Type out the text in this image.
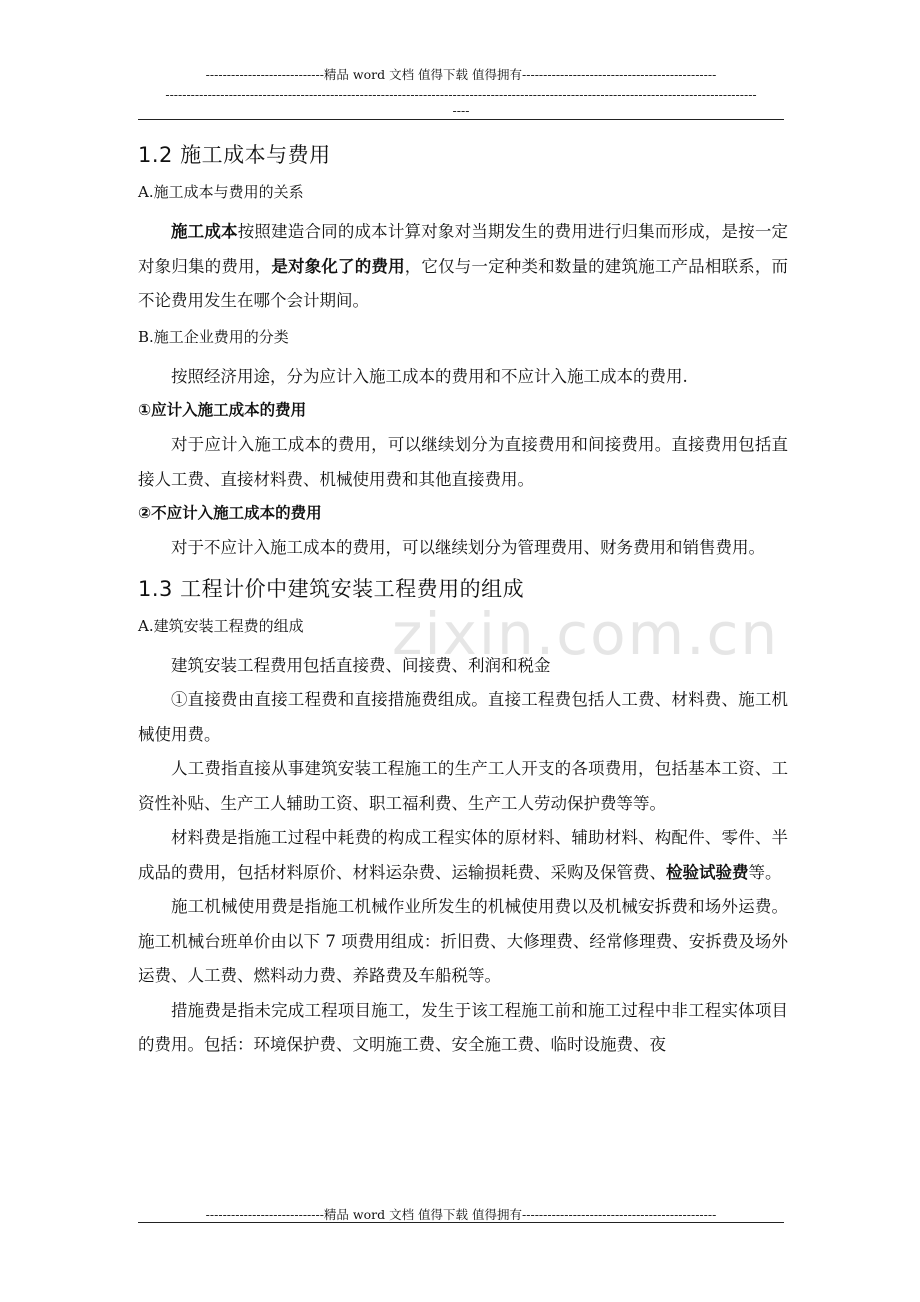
----------------------------精品 word 文档 值得下载 值得拥有----------------------------------------------
--------------------------------------------------------------------------------------------------------------------------------------------
----
zixin.com.cn
1.2 施工成本与费用
A.施工成本与费用的关系

施工成本按照建造合同的成本计算对象对当期发生的费用进行归集而形成，是按一定对象归集的费用，是对象化了的费用，它仅与一定种类和数量的建筑施工产品相联系，而不论费用发生在哪个会计期间。

B.施工企业费用的分类

按照经济用途，分为应计入施工成本的费用和不应计入施工成本的费用.

①应计入施工成本的费用

对于应计入施工成本的费用，可以继续划分为直接费用和间接费用。直接费用包括直接人工费、直接材料费、机械使用费和其他直接费用。

②不应计入施工成本的费用

对于不应计入施工成本的费用，可以继续划分为管理费用、财务费用和销售费用。

1.3 工程计价中建筑安装工程费用的组成
A.建筑安装工程费的组成

建筑安装工程费用包括直接费、间接费、利润和税金

①直接费由直接工程费和直接措施费组成。直接工程费包括人工费、材料费、施工机械使用费。

人工费指直接从事建筑安装工程施工的生产工人开支的各项费用，包括基本工资、工资性补贴、生产工人辅助工资、职工福利费、生产工人劳动保护费等等。

材料费是指施工过程中耗费的构成工程实体的原材料、辅助材料、构配件、零件、半成品的费用，包括材料原价、材料运杂费、运输损耗费、采购及保管费、检验试验费等。

施工机械使用费是指施工机械作业所发生的机械使用费以及机械安拆费和场外运费。施工机械台班单价由以下 7 项费用组成：折旧费、大修理费、经常修理费、安拆费及场外运费、人工费、燃料动力费、养路费及车船税等。

措施费是指未完成工程项目施工，发生于该工程施工前和施工过程中非工程实体项目的费用。包括：环境保护费、文明施工费、安全施工费、临时设施费、夜

----------------------------精品 word 文档 值得下载 值得拥有----------------------------------------------
